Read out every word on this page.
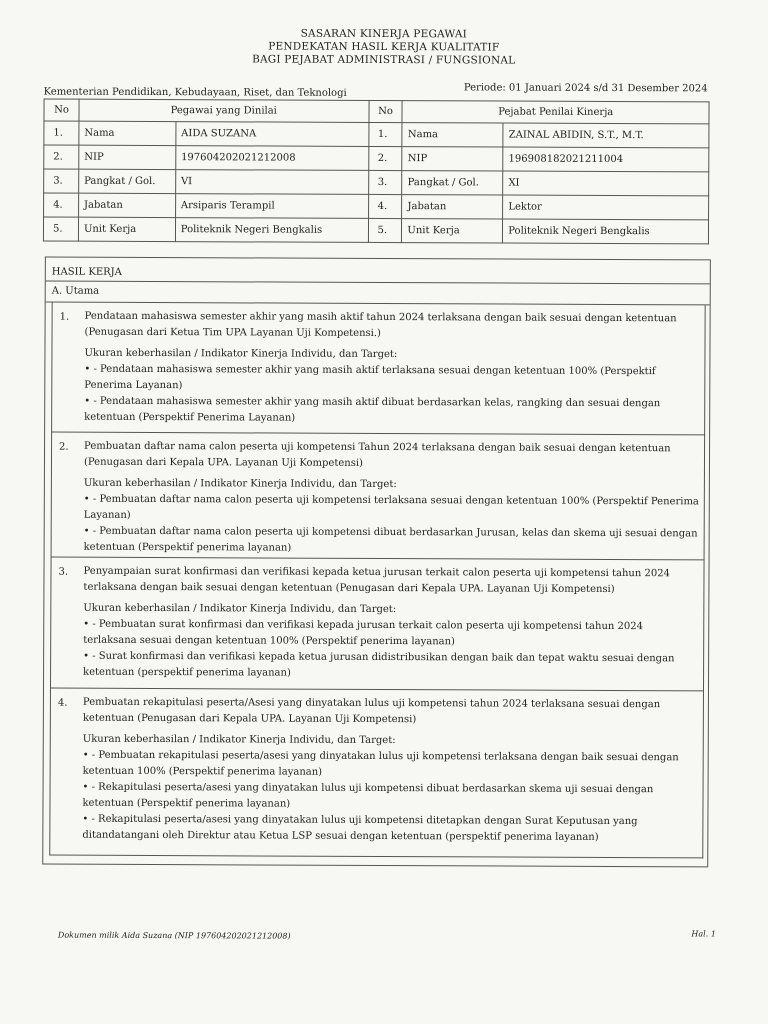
SASARAN KINERJA PEGAWAI
PENDEKATAN HASIL KERJA KUALITATIF
BAGI PEJABAT ADMINISTRASI / FUNGSIONAL
Kementerian Pendidikan, Kebudayaan, Riset, dan Teknologi	Periode: 01 Januari 2024 s/d 31 Desember 2024
No	Pegawai yang Dinilai		No	Pejabat Penilai Kinerja	
1.	Nama	AIDA SUZANA	1.	Nama	ZAINAL ABIDIN, S.T., M.T.
2.	NIP	197604202021212008	2.	NIP	196908182021211004
3.	Pangkat / Gol.	VI	3.	Pangkat / Gol.	XI
4.	Jabatan	Arsiparis Terampil	4.	Jabatan	Lektor
5.	Unit Kerja	Politeknik Negeri Bengkalis	5.	Unit Kerja	Politeknik Negeri Bengkalis
HASIL KERJA
A. Utama
1. Pendataan mahasiswa semester akhir yang masih aktif tahun 2024 terlaksana dengan baik sesuai dengan ketentuan (Penugasan dari Ketua Tim UPA Layanan Uji Kompetensi.)

Ukuran keberhasilan / Indikator Kinerja Individu, dan Target:
• - Pendataan mahasiswa semester akhir yang masih aktif terlaksana sesuai dengan ketentuan 100% (Perspektif Penerima Layanan)
• - Pendataan mahasiswa semester akhir yang masih aktif dibuat berdasarkan kelas, rangking dan sesuai dengan ketentuan (Perspektif Penerima Layanan)
2. Pembuatan daftar nama calon peserta uji kompetensi Tahun 2024 terlaksana dengan baik sesuai dengan ketentuan (Penugasan dari Kepala UPA. Layanan Uji Kompetensi)

Ukuran keberhasilan / Indikator Kinerja Individu, dan Target:
• - Pembuatan daftar nama calon peserta uji kompetensi terlaksana sesuai dengan ketentuan 100% (Perspektif Penerima Layanan)
• - Pembuatan daftar nama calon peserta uji kompetensi dibuat berdasarkan Jurusan, kelas dan skema uji sesuai dengan ketentuan (Perspektif penerima layanan)
3. Penyampaian surat konfirmasi dan verifikasi kepada ketua jurusan terkait calon peserta uji kompetensi tahun 2024 terlaksana dengan baik sesuai dengan ketentuan (Penugasan dari Kepala UPA. Layanan Uji Kompetensi)

Ukuran keberhasilan / Indikator Kinerja Individu, dan Target:
• - Pembuatan surat konfirmasi dan verifikasi kepada jurusan terkait calon peserta uji kompetensi tahun 2024 terlaksana sesuai dengan ketentuan 100% (Perspektif penerima layanan)
• - Surat konfirmasi dan verifikasi kepada ketua jurusan didistribusikan dengan baik dan tepat waktu sesuai dengan ketentuan (perspektif penerima layanan)
4. Pembuatan rekapitulasi peserta/Asesi yang dinyatakan lulus uji kompetensi tahun 2024 terlaksana sesuai dengan ketentuan (Penugasan dari Kepala UPA. Layanan Uji Kompetensi)

Ukuran keberhasilan / Indikator Kinerja Individu, dan Target:
• - Pembuatan rekapitulasi peserta/asesi yang dinyatakan lulus uji kompetensi terlaksana dengan baik sesuai dengan ketentuan 100% (Perspektif penerima layanan)
• - Rekapitulasi peserta/asesi yang dinyatakan lulus uji kompetensi dibuat berdasarkan skema uji sesuai dengan ketentuan (Perspektif penerima layanan)
• - Rekapitulasi peserta/asesi yang dinyatakan lulus uji kompetensi ditetapkan dengan Surat Keputusan yang ditandatangani oleh Direktur atau Ketua LSP sesuai dengan ketentuan (perspektif penerima layanan)
Dokumen milik Aida Suzana (NIP 197604202021212008)	Hal. 1
